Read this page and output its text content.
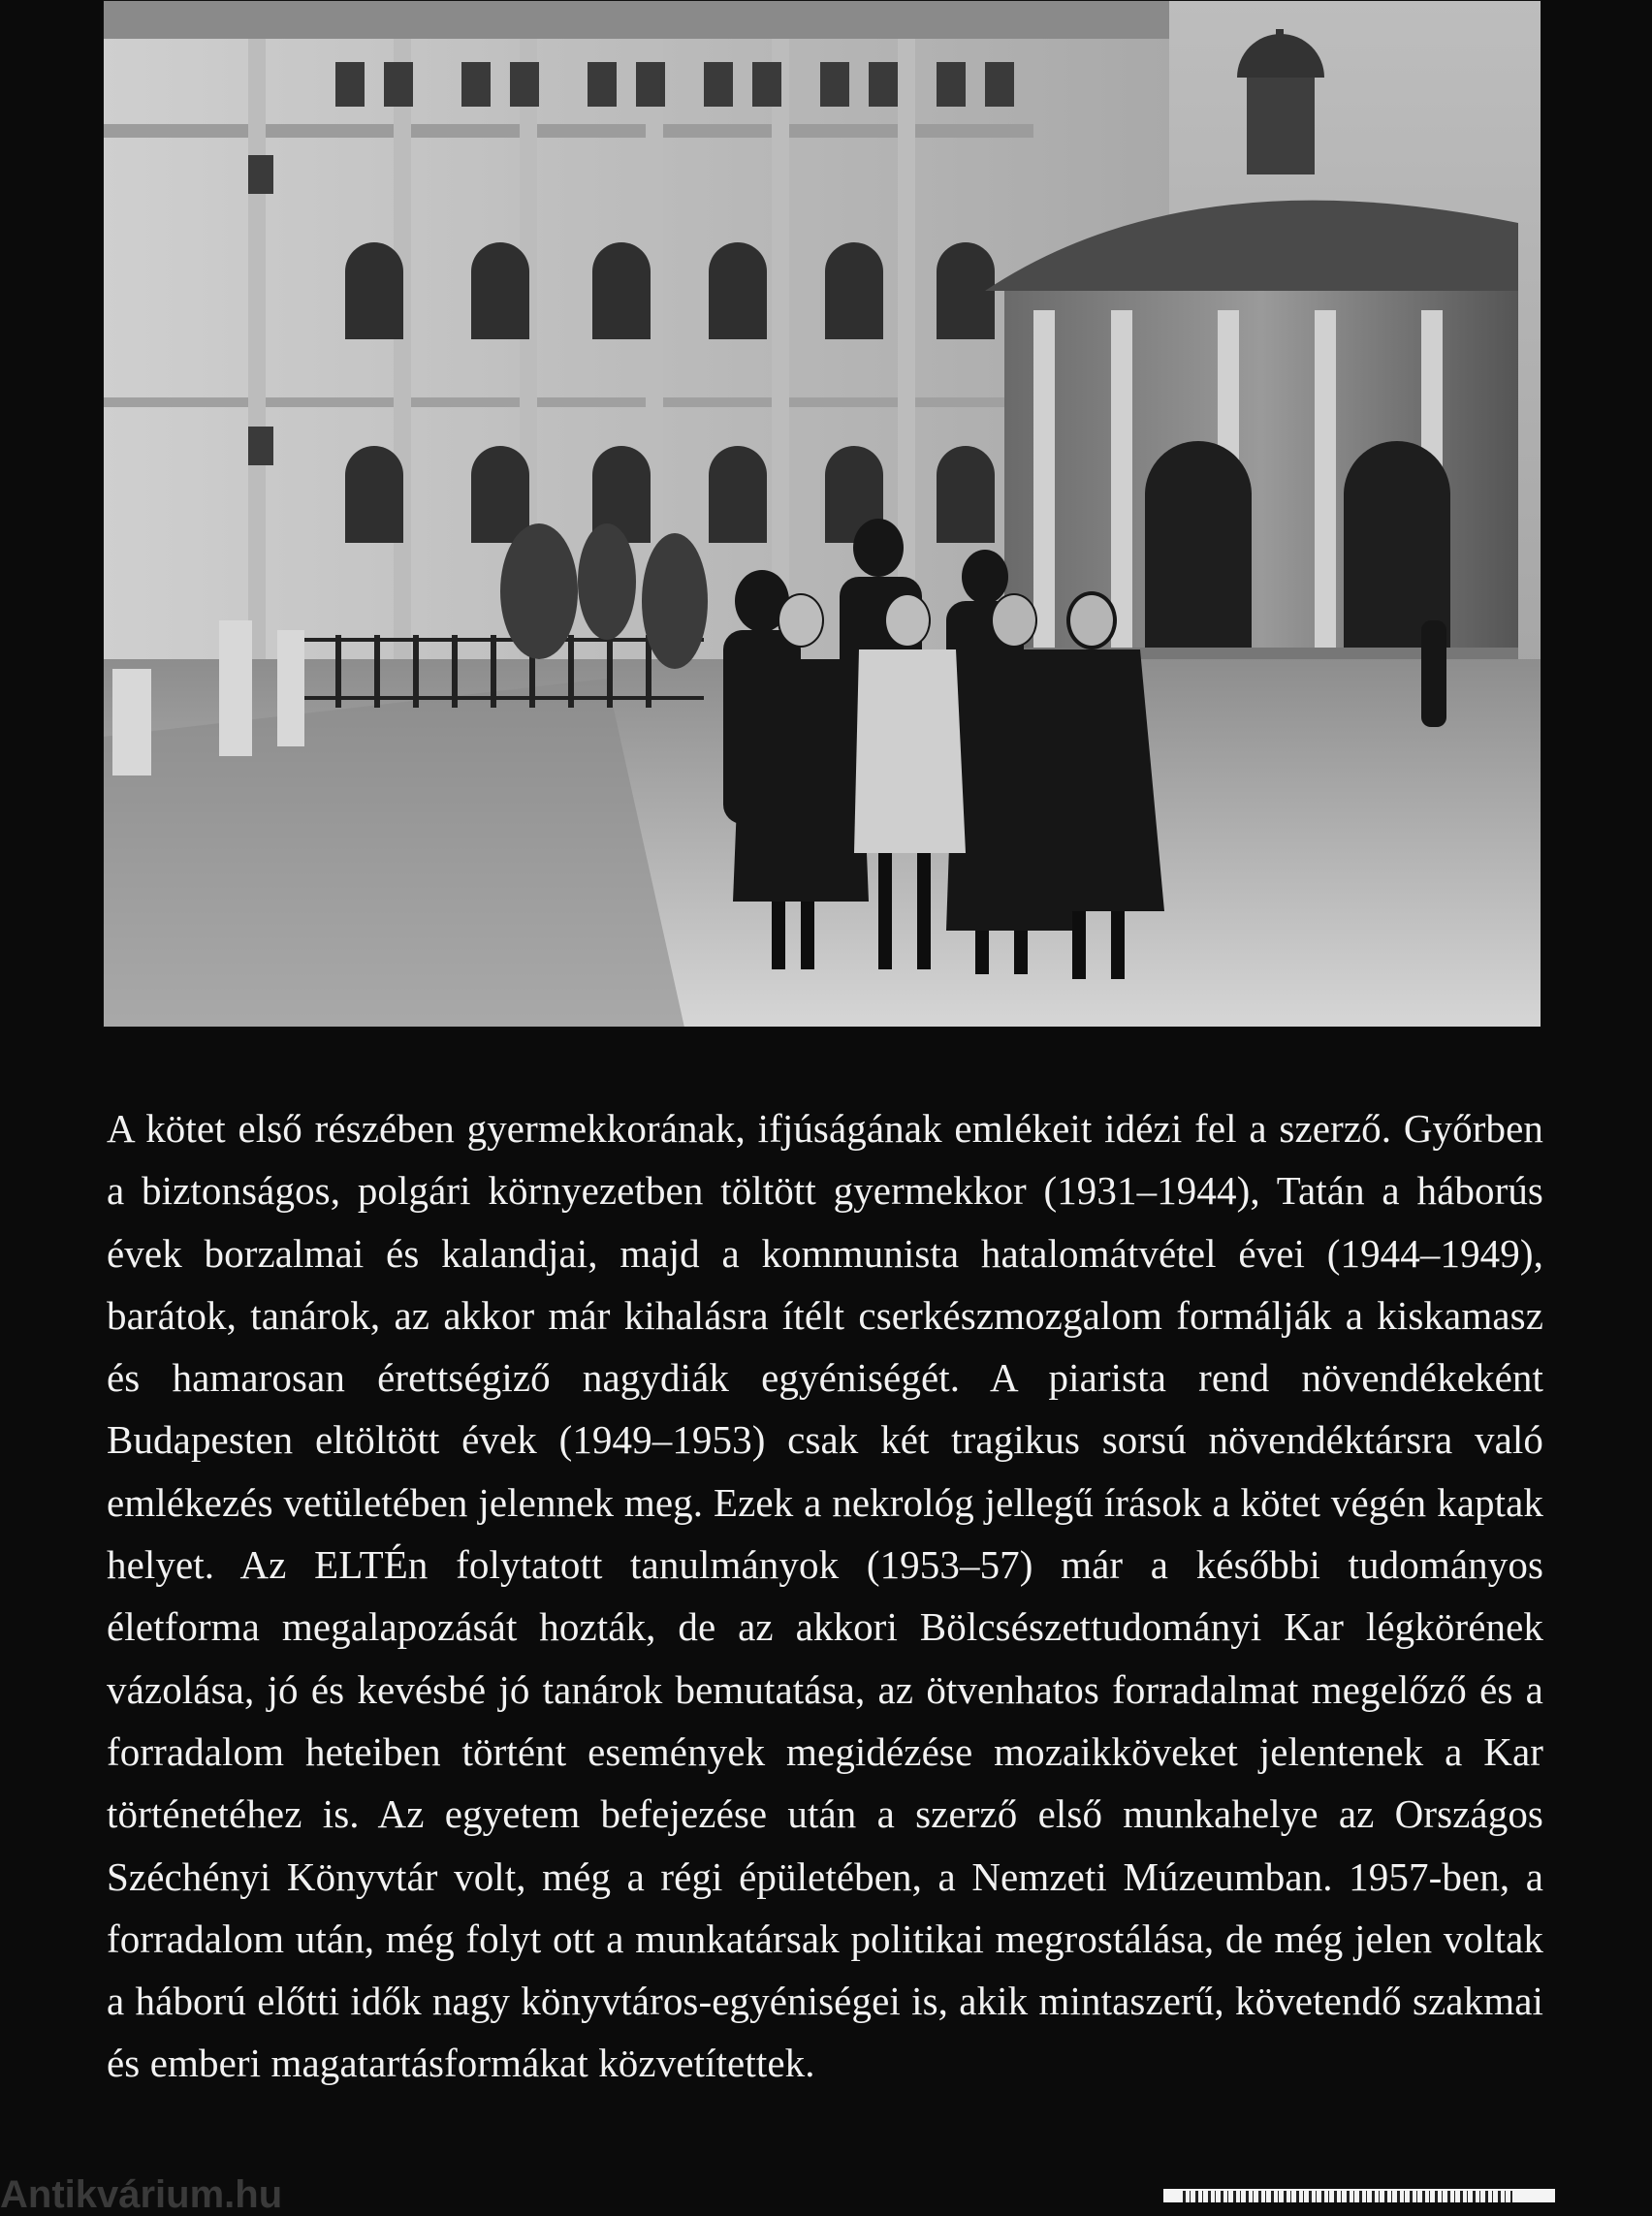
A kötet első részében gyermekkorának, ifjúságának emlékeit idézi fel a szerző. Győrben a biztonságos, polgári környezetben töltött gyermekkor (1931–1944), Tatán a háborús évek borzalmai és kalandjai, majd a kommunista hatalomátvétel évei (1944–1949), barátok, tanárok, az akkor már kihalásra ítélt cserkészmozgalom formálják a kiskamasz és hamarosan érettségiző nagydiák egyéniségét. A piarista rend növendékeként Budapesten eltöltött évek (1949–1953) csak két tragikus sorsú növendéktársra való emlékezés vetületében jelennek meg. Ezek a nekrológ jellegű írások a kötet végén kaptak helyet. Az ELTÉn folytatott tanulmányok (1953–57) már a későbbi tudományos életforma megalapozását hozták, de az akkori Bölcsészettudományi Kar légkörének vázolása, jó és kevésbé jó tanárok bemutatása, az ötvenhatos forradalmat megelőző és a forradalom heteiben történt események megidézése mozaikköveket jelentenek a Kar történetéhez is. Az egyetem befejezése után a szerző első munkahelye az Országos Széchényi Könyvtár volt, még a régi épületében, a Nemzeti Múzeumban. 1957-ben, a forradalom után, még folyt ott a munkatársak politikai megrostálása, de még jelen voltak a háború előtti idők nagy könyvtáros-egyéniségei is, akik mintaszerű, követendő szakmai és emberi magatartásformákat közvetítettek.

Antikvárium.hu
